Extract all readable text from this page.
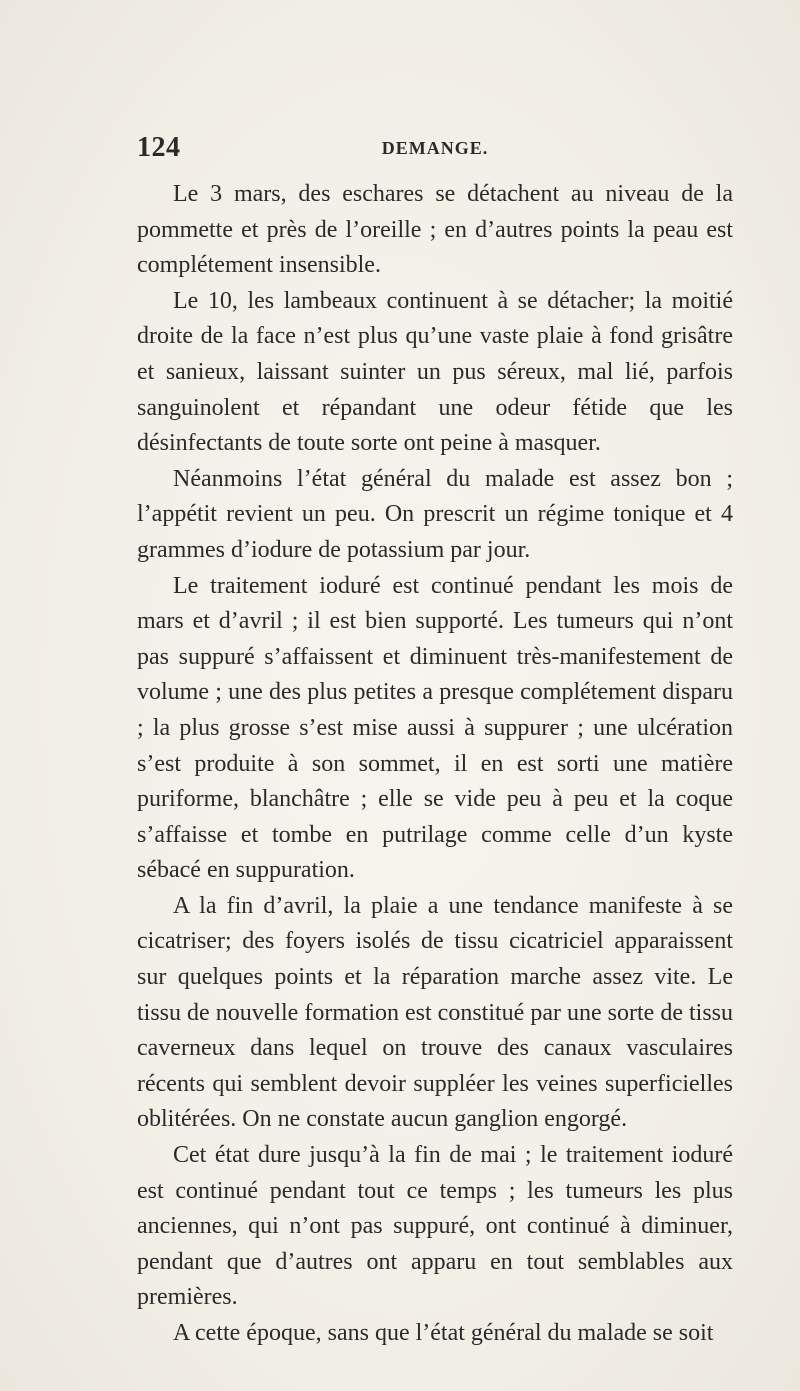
124	DEMANGE.

Le 3 mars, des eschares se détachent au niveau de la pommette et près de l’oreille ; en d’autres points la peau est complétement insensible.

Le 10, les lambeaux continuent à se détacher; la moitié droite de la face n’est plus qu’une vaste plaie à fond grisâtre et sanieux, laissant suinter un pus séreux, mal lié, parfois sanguinolent et répandant une odeur fétide que les désinfectants de toute sorte ont peine à masquer.

Néanmoins l’état général du malade est assez bon ; l’appétit revient un peu. On prescrit un régime tonique et 4 grammes d’iodure de potassium par jour.

Le traitement ioduré est continué pendant les mois de mars et d’avril ; il est bien supporté. Les tumeurs qui n’ont pas suppuré s’affaissent et diminuent très-manifestement de volume ; une des plus petites a presque complétement disparu ; la plus grosse s’est mise aussi à suppurer ; une ulcération s’est produite à son sommet, il en est sorti une matière puriforme, blanchâtre ; elle se vide peu à peu et la coque s’affaisse et tombe en putrilage comme celle d’un kyste sébacé en suppuration.

A la fin d’avril, la plaie a une tendance manifeste à se cicatriser; des foyers isolés de tissu cicatriciel apparaissent sur quelques points et la réparation marche assez vite. Le tissu de nouvelle formation est constitué par une sorte de tissu caverneux dans lequel on trouve des canaux vasculaires récents qui semblent devoir suppléer les veines superficielles oblitérées. On ne constate aucun ganglion engorgé.

Cet état dure jusqu’à la fin de mai ; le traitement ioduré est continué pendant tout ce temps ; les tumeurs les plus anciennes, qui n’ont pas suppuré, ont continué à diminuer, pendant que d’autres ont apparu en tout semblables aux premières.

A cette époque, sans que l’état général du malade se soit
